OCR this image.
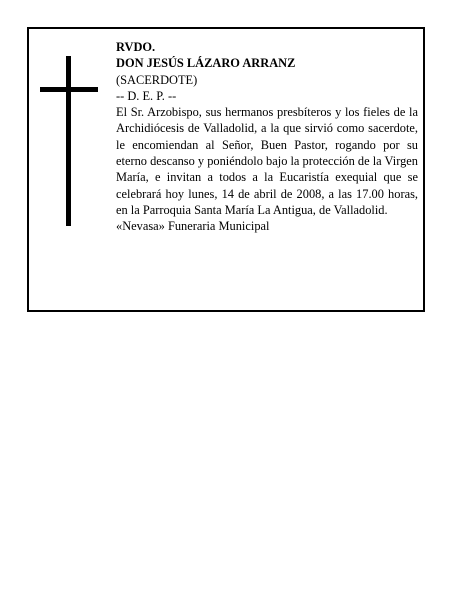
RVDO.
DON JESÚS LÁZARO ARRANZ
(SACERDOTE)
-- D. E. P. --
El Sr. Arzobispo, sus hermanos presbíteros y los fieles de la Archidiócesis de Valladolid, a la que sirvió como sacerdote, le encomiendan al Señor, Buen Pastor, rogando por su eterno descanso y poniéndolo bajo la protección de la Virgen María, e invitan a todos a la Eucaristía exequial que se celebrará hoy lunes, 14 de abril de 2008, a las 17.00 horas, en la Parroquia Santa María La Antigua, de Valladolid.
«Nevasa» Funeraria Municipal
